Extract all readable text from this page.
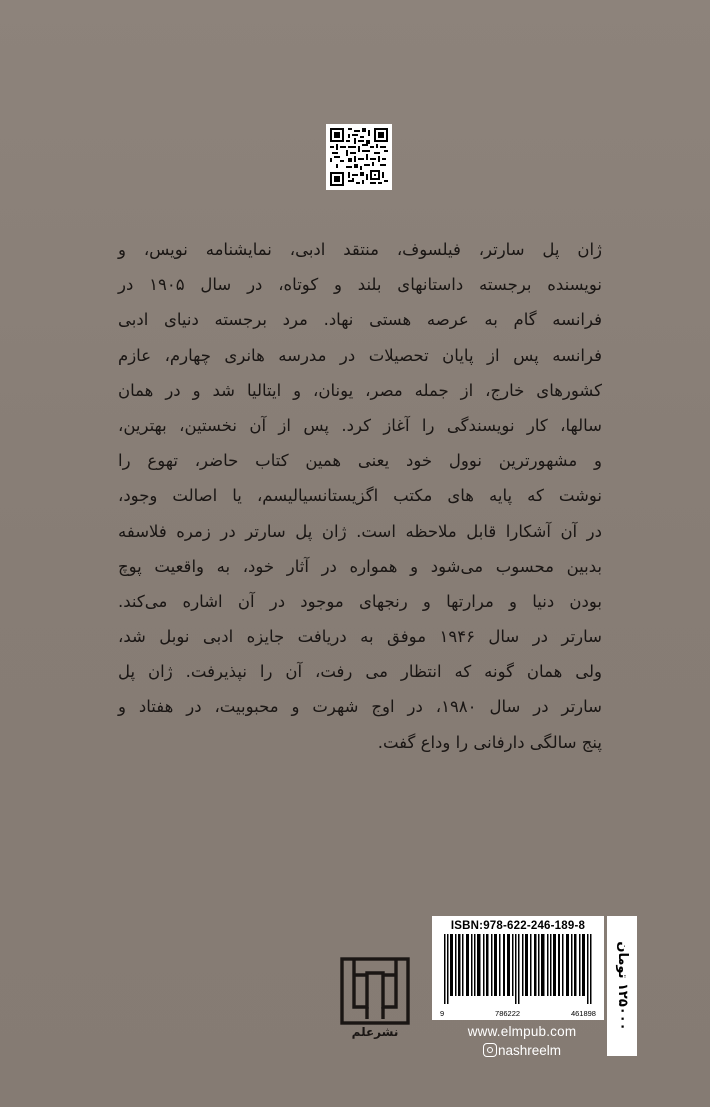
ژان پل سارتر، فیلسوف، منتقد ادبی، نمایشنامه نویس، و
نویسنده برجسته داستانهای بلند و کوتاه، در سال ۱۹۰۵ در
فرانسه گام به عرصه هستی نهاد. مرد برجسته دنیای ادبی
فرانسه پس از پایان تحصیلات در مدرسه هانری چهارم، عازم
کشورهای خارج، از جمله مصر، یونان، و ایتالیا شد و در همان
سالها، کار نویسندگی را آغاز کرد. پس از آن نخستین، بهترین،
و مشهورترین نوول خود یعنی همین کتاب حاضر، تهوع را
نوشت که پایه های مکتب اگزیستانسیالیسم، یا اصالت وجود،
در آن آشکارا قابل ملاحظه است. ژان پل سارتر در زمره فلاسفه
بدبین محسوب می‌شود و همواره در آثار خود، به واقعیت پوچ
بودن دنیا و مرارتها و رنجهای موجود در آن اشاره می‌کند.
سارتر در سال ۱۹۴۶ موفق به دریافت جایزه ادبی نوبل شد،
ولی همان گونه که انتظار می رفت، آن را نپذیرفت. ژان پل
سارتر در سال ۱۹۸۰، در اوج شهرت و محبوبیت، در هفتاد و
پنج سالگی دارفانی را وداع گفت.
نشرعلم
ISBN:978-622-246-189-8
9	786222	461898
۱۲۵۰۰۰ تومان
www.elmpub.com
nashreelm
